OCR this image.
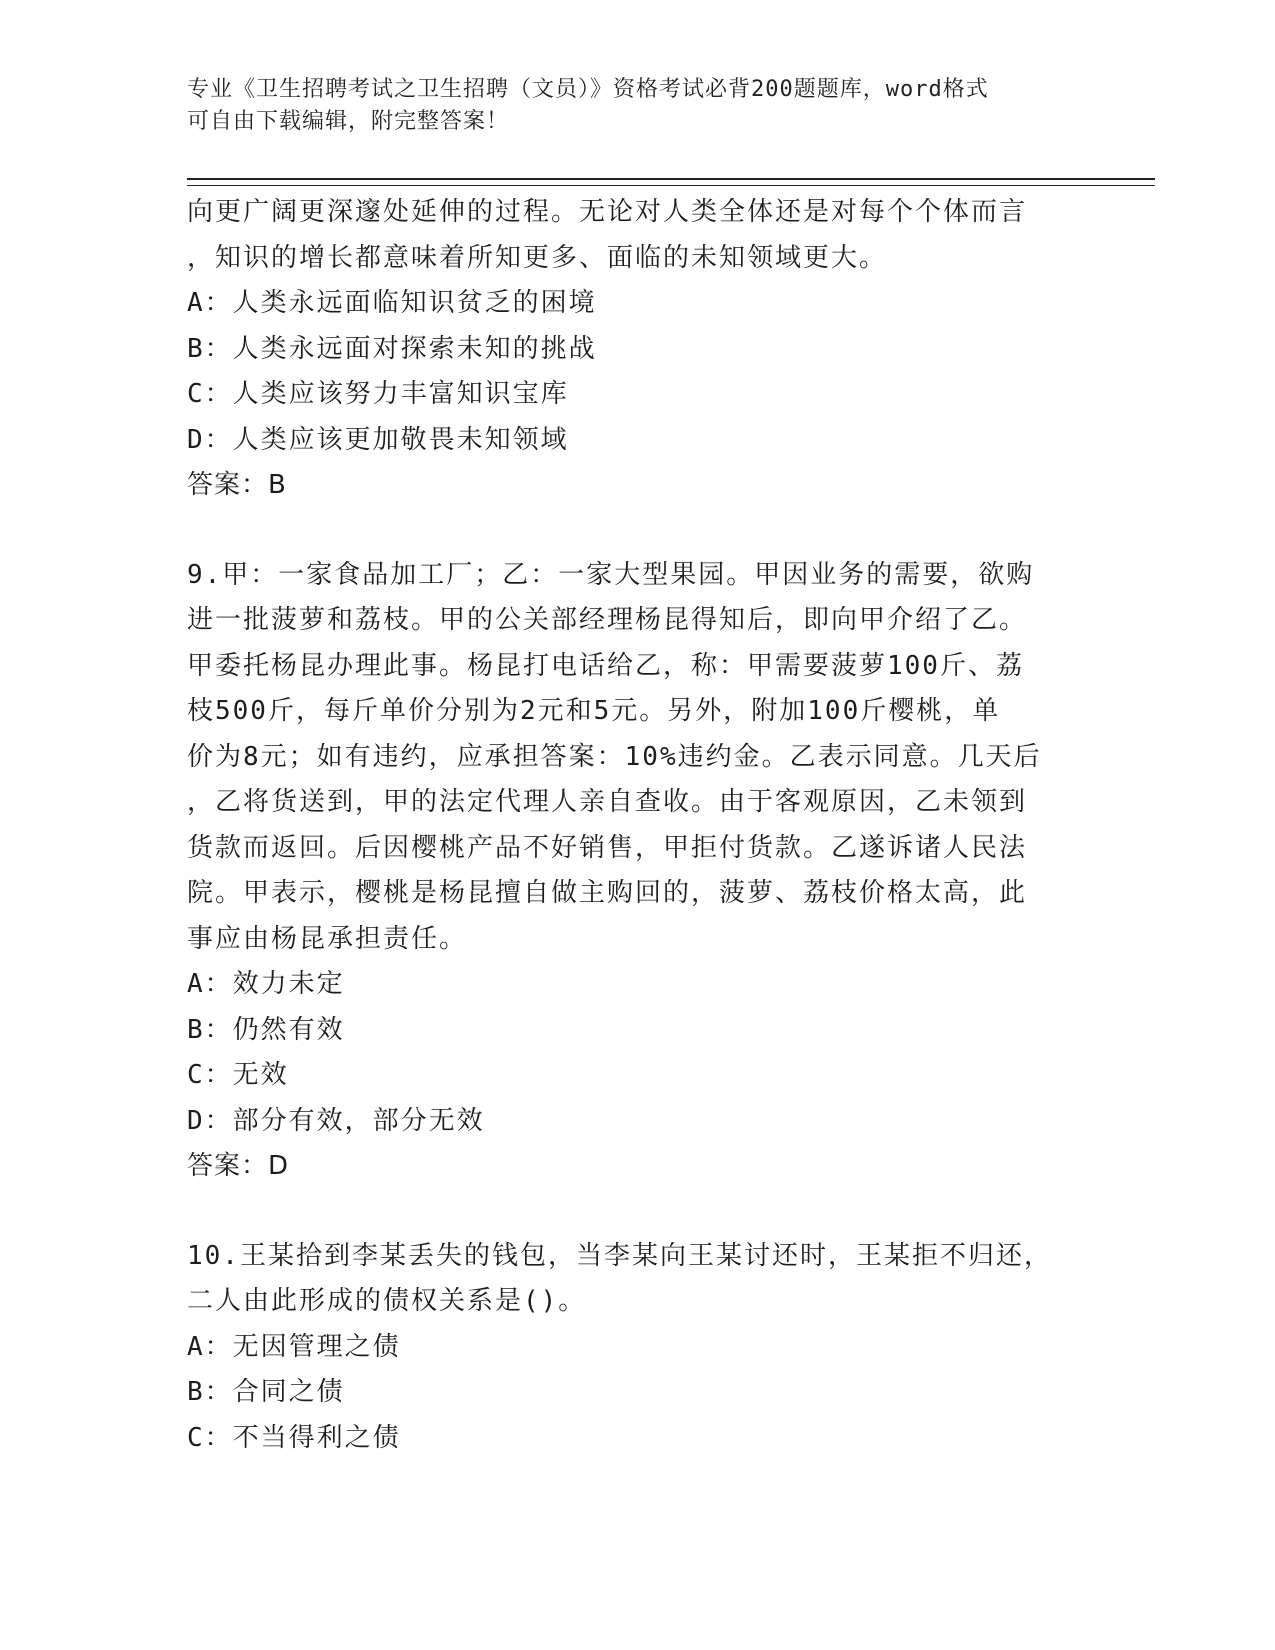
专业《卫生招聘考试之卫生招聘（文员）》资格考试必背200题题库，word格式
可自由下载编辑，附完整答案！

向更广阔更深邃处延伸的过程。无论对人类全体还是对每个个体而言
，知识的增长都意味着所知更多、面临的未知领域更大。

A：人类永远面临知识贫乏的困境

B：人类永远面对探索未知的挑战

C：人类应该努力丰富知识宝库

D：人类应该更加敬畏未知领域

答案：B

9.甲：一家食品加工厂；乙：一家大型果园。甲因业务的需要，欲购
进一批菠萝和荔枝。甲的公关部经理杨昆得知后，即向甲介绍了乙。
甲委托杨昆办理此事。杨昆打电话给乙，称：甲需要菠萝100斤、荔
枝500斤，每斤单价分别为2元和5元。另外，附加100斤樱桃，单
价为8元；如有违约，应承担答案：10%违约金。乙表示同意。几天后
，乙将货送到，甲的法定代理人亲自查收。由于客观原因，乙未领到
货款而返回。后因樱桃产品不好销售，甲拒付货款。乙遂诉诸人民法
院。甲表示，樱桃是杨昆擅自做主购回的，菠萝、荔枝价格太高，此
事应由杨昆承担责任。

A：效力未定

B：仍然有效

C：无效

D：部分有效，部分无效

答案：D

10.王某拾到李某丢失的钱包，当李某向王某讨还时，王某拒不归还，
二人由此形成的债权关系是()。

A：无因管理之债

B：合同之债

C：不当得利之债
